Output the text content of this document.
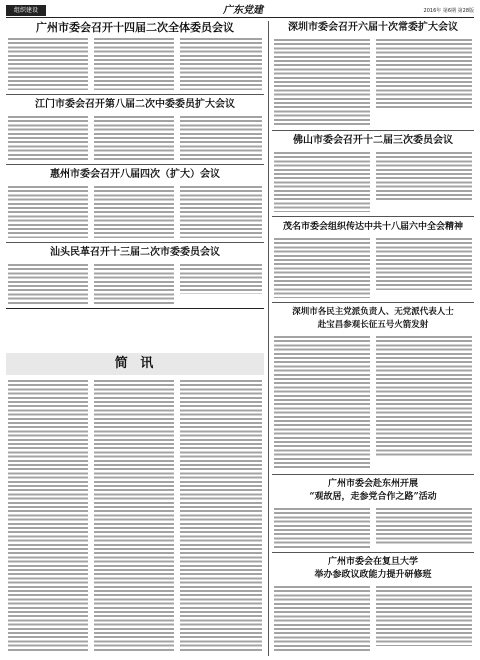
组织建设	广东党建	2016年 第6期 第28版
广州市委会召开十四届二次全体委员会议
江门市委会召开第八届二次中委委员扩大会议
惠州市委会召开八届四次（扩大）会议
汕头民革召开十三届二次市委委员会议
简 讯
深圳市委会召开六届十次常委扩大会议
佛山市委会召开十二届三次委员会议
茂名市委会组织传达中共十八届六中全会精神
深圳市各民主党派负责人、无党派代表人士
赴宝昌参观长征五号火箭发射
广州市委会赴东州开展
“观故居，走参党合作之路”活动
广州市委会在复旦大学
举办参政议政能力提升研修班
